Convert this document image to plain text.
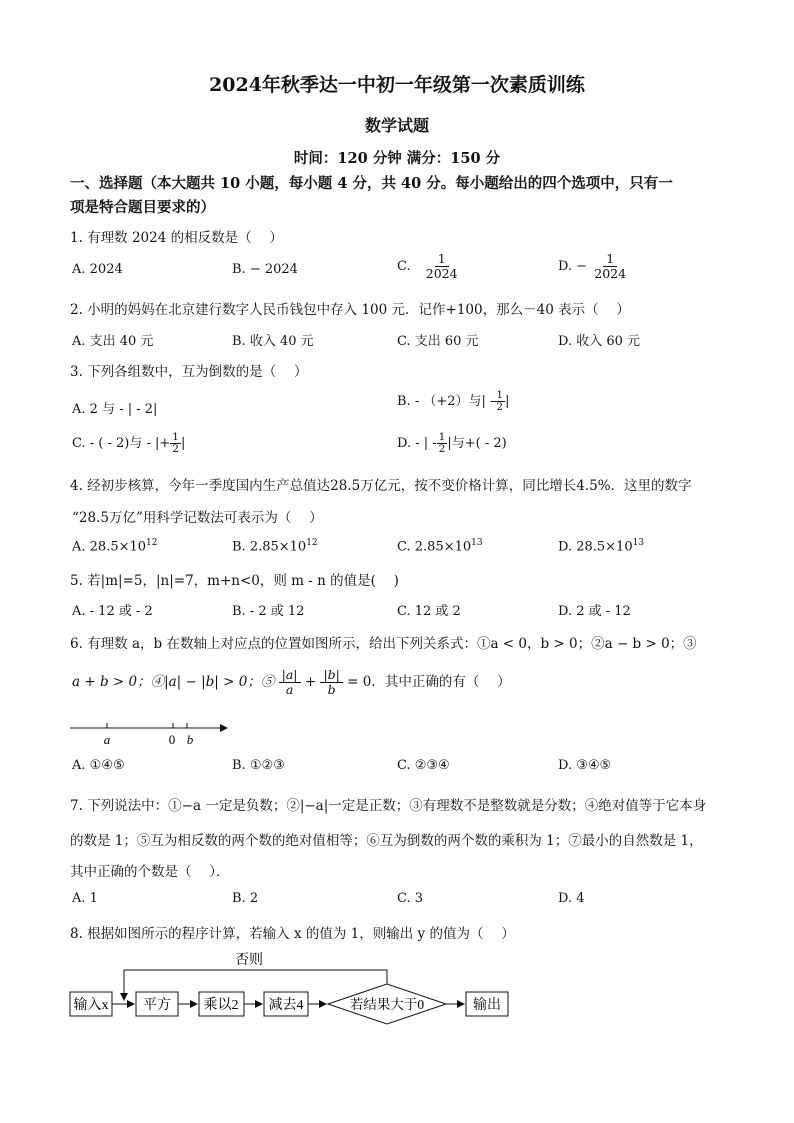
2024年秋季达一中初一年级第一次素质训练
数学试题
时间：120 分钟 满分：150 分
一、选择题（本大题共 10 小题，每小题 4 分，共 40 分。每小题给出的四个选项中，只有一
项是特合题目要求的）
1. 有理数 2024 的相反数是（　 ）
A. 2024	B. − 2024	C. $\frac{1}{2024}$	D. − $\frac{1}{2024}$
2. 小明的妈妈在北京建行数字人民币钱包中存入 100 元．记作+100，那么－40 表示（　 ）
A. 支出 40 元	B. 收入 40 元	C. 支出 60 元	D. 收入 60 元
3. 下列各组数中，互为倒数的是（　 ）
A. 2 与 - | - 2|
B. - （+2）与| - $\frac{1}{2}$ |
C. - ( - 2)与 - |+ $\frac{1}{2}$ |	D. - | - $\frac{1}{2}$ |与+( - 2)
4. 经初步核算，今年一季度国内生产总值达28.5万亿元，按不变价格计算，同比增长4.5%．这里的数字
“28.5万亿”用科学记数法可表示为（　 ）
A. $28.5\times 10^{12}$	B. $2.85\times 10^{12}$	C. $2.85\times 10^{13}$	D. $28.5\times 10^{13}$
5. 若|m|=5，|n|=7，m+n<0，则 m - n 的值是(　 )
A. - 12 或 - 2	B. - 2 或 12	C. 12 或 2	D. 2 或 - 12
6. 有理数 a，b 在数轴上对应点的位置如图所示，给出下列关系式：①a < 0，b > 0；②a − b > 0；③
a + b > 0；④|a| − |b| > 0；⑤ $\frac{|a|}{a} + \frac{|b|}{b} = 0$．其中正确的有（　 ）
a	0 b
A. ①④⑤	B. ①②③	C. ②③④	D. ③④⑤
7. 下列说法中：①−a 一定是负数；②|−a|一定是正数；③有理数不是整数就是分数；④绝对值等于它本身
的数是 1；⑤互为相反数的两个数的绝对值相等；⑥互为倒数的两个数的乘积为 1；⑦最小的自然数是 1，
其中正确的个数是（　 ）．
A. 1	B. 2	C. 3	D. 4
8. 根据如图所示的程序计算，若输入 x 的值为 1，则输出 y 的值为（　 ）
否则
输入x 平方 乘以2 减去4	若结果大于0	输出
